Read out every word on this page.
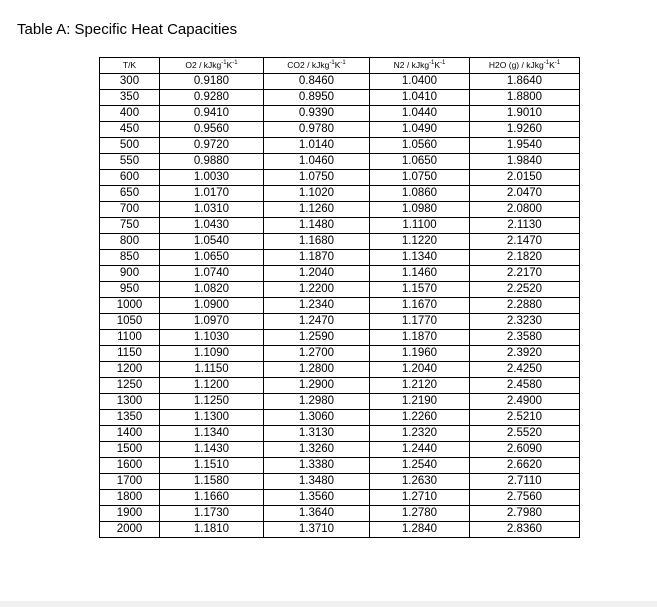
Table A: Specific Heat Capacities
T/K	$O2 / kJkg^{-1}K^{-1}$	$CO2 / kJkg^{-1}K^{-1}$	$N2 / kJkg^{-1}K^{-1}$	H2O $(g) / kJkg^{-1}K^{-1}$
300	0.9180	0.8460	1.0400	1.8640
350	0.9280	0.8950	1.0410	1.8800
400	0.9410	0.9390	1.0440	1.9010
450	0.9560	0.9780	1.0490	1.9260
500	0.9720	1.0140	1.0560	1.9540
550	0.9880	1.0460	1.0650	1.9840
600	1.0030	1.0750	1.0750	2.0150
650	1.0170	1.1020	1.0860	2.0470
700	1.0310	1.1260	1.0980	2.0800
750	1.0430	1.1480	1.1100	2.1130
800	1.0540	1.1680	1.1220	2.1470
850	1.0650	1.1870	1.1340	2.1820
900	1.0740	1.2040	1.1460	2.2170
950	1.0820	1.2200	1.1570	2.2520
1000	1.0900	1.2340	1.1670	2.2880
1050	1.0970	1.2470	1.1770	2.3230
1100	1.1030	1.2590	1.1870	2.3580
1150	1.1090	1.2700	1.1960	2.3920
1200	1.1150	1.2800	1.2040	2.4250
1250	1.1200	1.2900	1.2120	2.4580
1300	1.1250	1.2980	1.2190	2.4900
1350	1.1300	1.3060	1.2260	2.5210
1400	1.1340	1.3130	1.2320	2.5520
1500	1.1430	1.3260	1.2440	2.6090
1600	1.1510	1.3380	1.2540	2.6620
1700	1.1580	1.3480	1.2630	2.7110
1800	1.1660	1.3560	1.2710	2.7560
1900	1.1730	1.3640	1.2780	2.7980
2000	1.1810	1.3710	1.2840	2.8360
